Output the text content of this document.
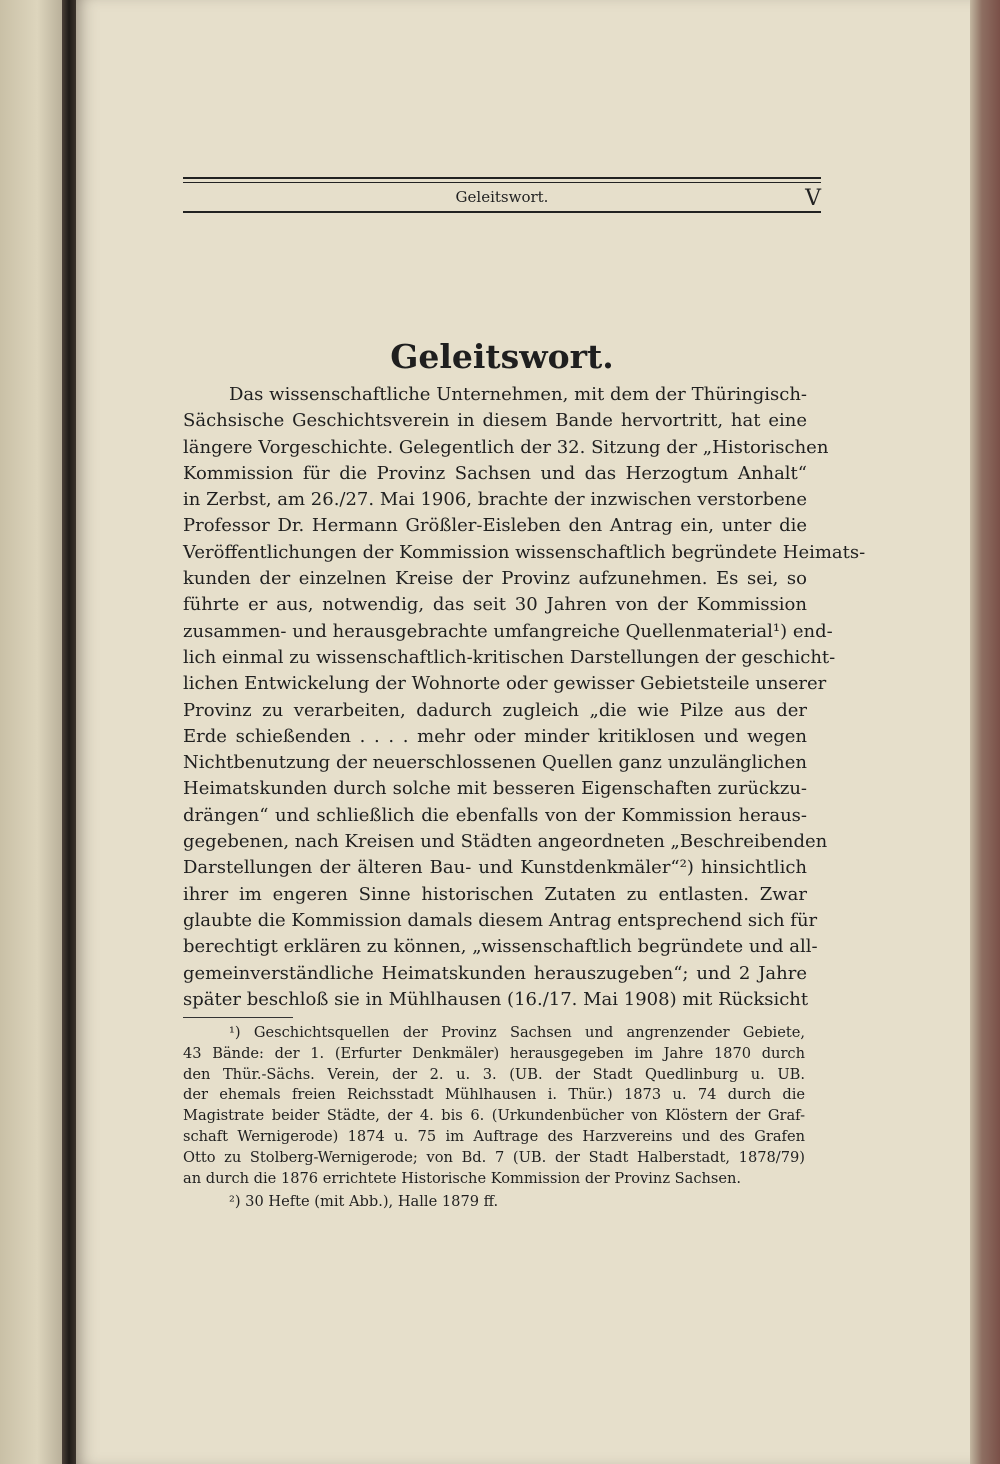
Geleitswort.	V
Geleitswort.
Das wissenschaftliche Unternehmen, mit dem der Thüringisch-
Sächsische Geschichtsverein in diesem Bande hervortritt, hat eine
längere Vorgeschichte. Gelegentlich der 32. Sitzung der „Historischen
Kommission für die Provinz Sachsen und das Herzogtum Anhalt“
in Zerbst, am 26./27. Mai 1906, brachte der inzwischen verstorbene
Professor Dr. Hermann Größler-Eisleben den Antrag ein, unter die
Veröffentlichungen der Kommission wissenschaftlich begründete Heimats-
kunden der einzelnen Kreise der Provinz aufzunehmen. Es sei, so
führte er aus, notwendig, das seit 30 Jahren von der Kommission
zusammen- und herausgebrachte umfangreiche Quellenmaterial¹) end-
lich einmal zu wissenschaftlich-kritischen Darstellungen der geschicht-
lichen Entwickelung der Wohnorte oder gewisser Gebietsteile unserer
Provinz zu verarbeiten, dadurch zugleich „die wie Pilze aus der
Erde schießenden . . . . mehr oder minder kritiklosen und wegen
Nichtbenutzung der neuerschlossenen Quellen ganz unzulänglichen
Heimatskunden durch solche mit besseren Eigenschaften zurückzu-
drängen“ und schließlich die ebenfalls von der Kommission heraus-
gegebenen, nach Kreisen und Städten angeordneten „Beschreibenden
Darstellungen der älteren Bau- und Kunstdenkmäler“²) hinsichtlich
ihrer im engeren Sinne historischen Zutaten zu entlasten. Zwar
glaubte die Kommission damals diesem Antrag entsprechend sich für
berechtigt erklären zu können, „wissenschaftlich begründete und all-
gemeinverständliche Heimatskunden herauszugeben“; und 2 Jahre
später beschloß sie in Mühlhausen (16./17. Mai 1908) mit Rücksicht
¹) Geschichtsquellen der Provinz Sachsen und angrenzender Gebiete,
43 Bände: der 1. (Erfurter Denkmäler) herausgegeben im Jahre 1870 durch
den Thür.-Sächs. Verein, der 2. u. 3. (UB. der Stadt Quedlinburg u. UB.
der ehemals freien Reichsstadt Mühlhausen i. Thür.) 1873 u. 74 durch die
Magistrate beider Städte, der 4. bis 6. (Urkundenbücher von Klöstern der Graf-
schaft Wernigerode) 1874 u. 75 im Auftrage des Harzvereins und des Grafen
Otto zu Stolberg-Wernigerode; von Bd. 7 (UB. der Stadt Halberstadt, 1878/79)
an durch die 1876 errichtete Historische Kommission der Provinz Sachsen.
²) 30 Hefte (mit Abb.), Halle 1879 ff.
